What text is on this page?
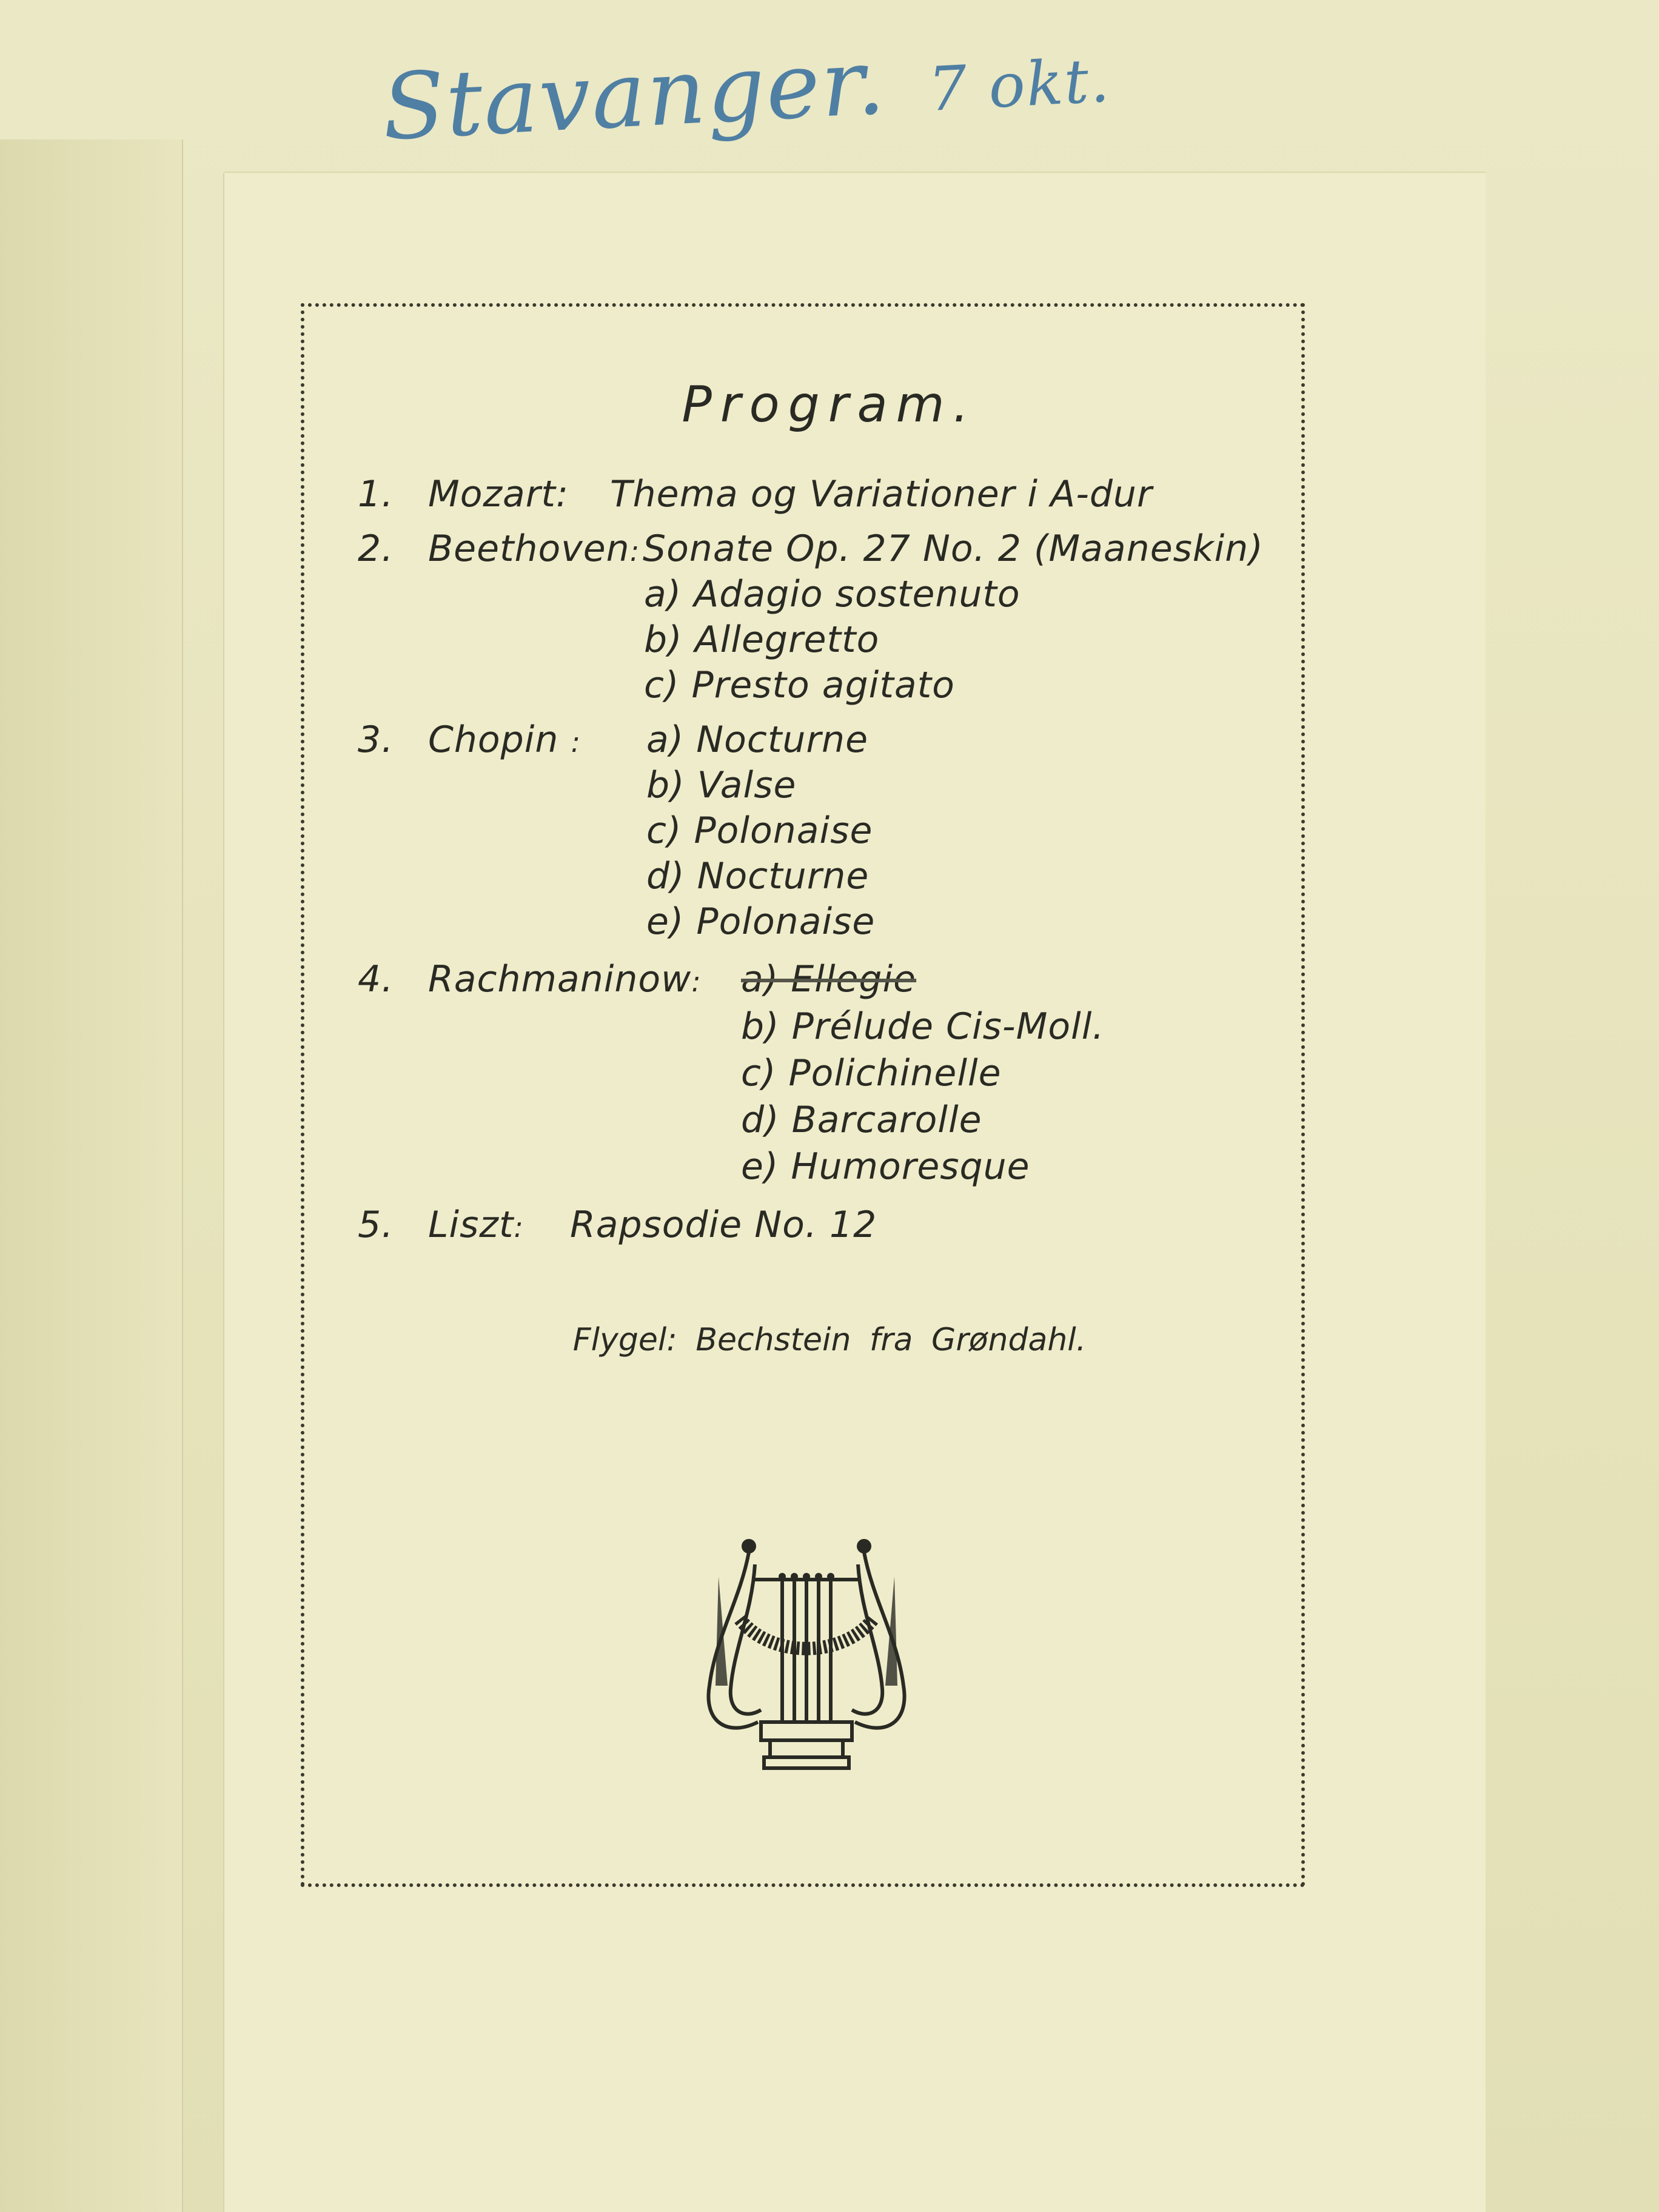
Stavanger. 7 okt.
Program.
1. Mozart: Thema og Variationer i A-dur
2. Beethoven: Sonate Op. 27 No. 2 (Maaneskin)
a) Adagio sostenuto
b) Allegretto
c) Presto agitato
3. Chopin :	a) Nocturne
b) Valse
c) Polonaise
d) Nocturne
e) Polonaise
4. Rachmaninow:	a) Ellegie
b) Prélude Cis-Moll.
c) Polichinelle
d) Barcarolle
e) Humoresque
5. Liszt:	Rapsodie No. 12
Flygel: Bechstein fra Grøndahl.
